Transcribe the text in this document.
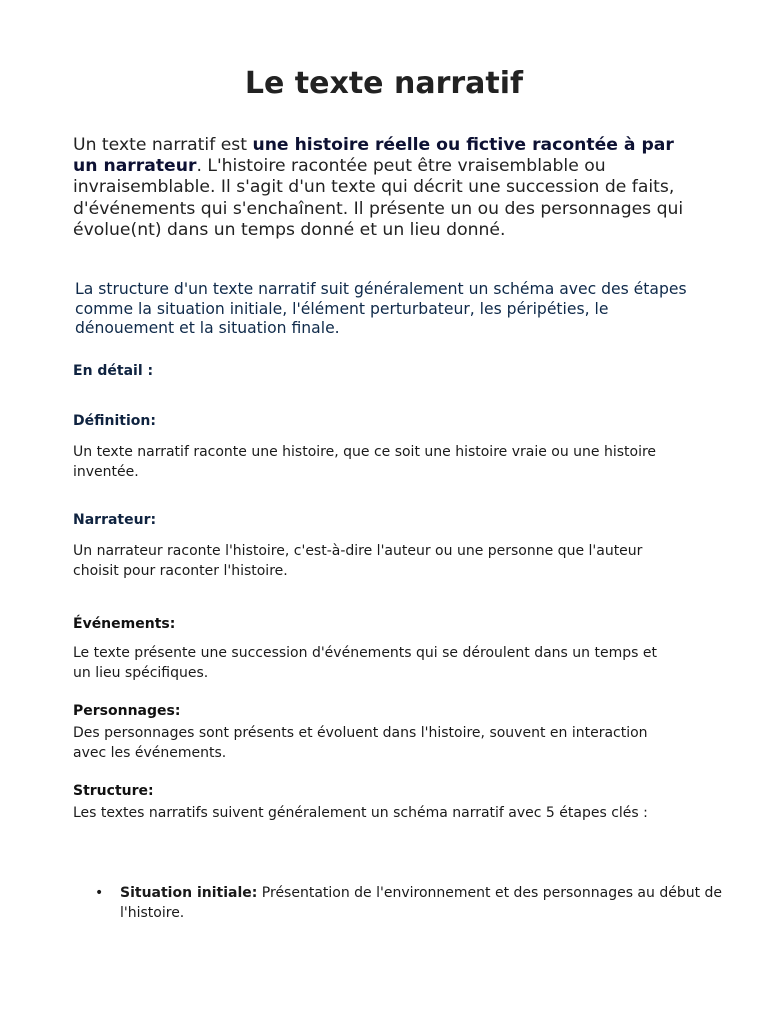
Le texte narratif

Un texte narratif est une histoire réelle ou fictive racontée à par un narrateur. L'histoire racontée peut être vraisemblable ou invraisemblable. Il s'agit d'un texte qui décrit une succession de faits, d'événements qui s'enchaînent. Il présente un ou des personnages qui évolue(nt) dans un temps donné et un lieu donné.

La structure d'un texte narratif suit généralement un schéma avec des étapes comme la situation initiale, l'élément perturbateur, les péripéties, le dénouement et la situation finale.

En détail :

Définition:

Un texte narratif raconte une histoire, que ce soit une histoire vraie ou une histoire inventée.

Narrateur:

Un narrateur raconte l'histoire, c'est-à-dire l'auteur ou une personne que l'auteur choisit pour raconter l'histoire.

Événements:

Le texte présente une succession d'événements qui se déroulent dans un temps et un lieu spécifiques.

Personnages:

Des personnages sont présents et évoluent dans l'histoire, souvent en interaction avec les événements.

Structure:

Les textes narratifs suivent généralement un schéma narratif avec 5 étapes clés :

• Situation initiale: Présentation de l'environnement et des personnages au début de l'histoire.
